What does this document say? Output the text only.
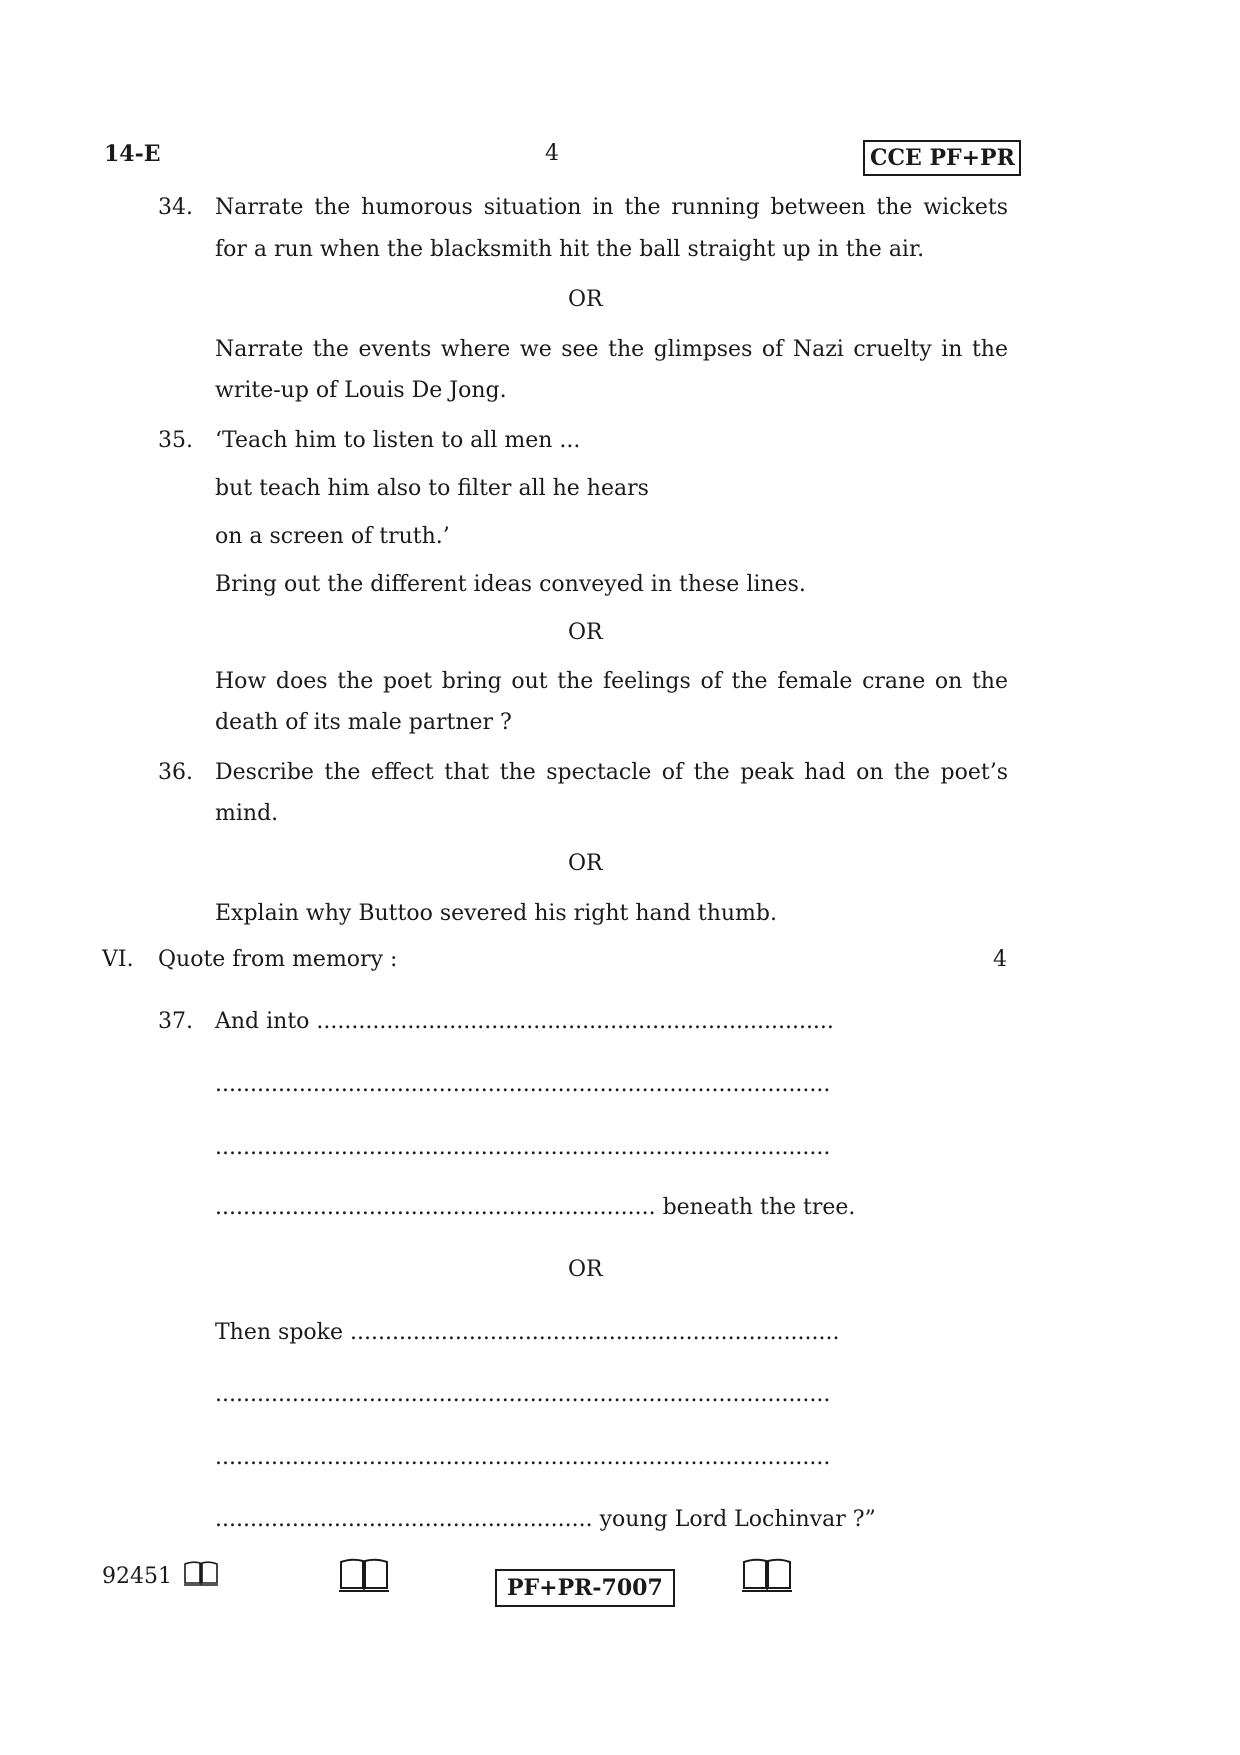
14-E	4	CCE PF+PR
34. Narrate the humorous situation in the running between the wickets
for a run when the blacksmith hit the ball straight up in the air.
OR
Narrate the events where we see the glimpses of Nazi cruelty in the
write-up of Louis De Jong.
35. ‘Teach him to listen to all men ...
but teach him also to filter all he hears
on a screen of truth.’
Bring out the different ideas conveyed in these lines.
OR
How does the poet bring out the feelings of the female crane on the
death of its male partner ?
36. Describe the effect that the spectacle of the peak had on the poet’s
mind.
OR
Explain why Buttoo severed his right hand thumb.
VI. Quote from memory :	4
37. And into ..........................................................................
........................................................................................
........................................................................................
............................................................... beneath the tree.
OR
Then spoke ......................................................................
........................................................................................
........................................................................................
...................................................... young Lord Lochinvar ?”
92451	PF+PR-7007
